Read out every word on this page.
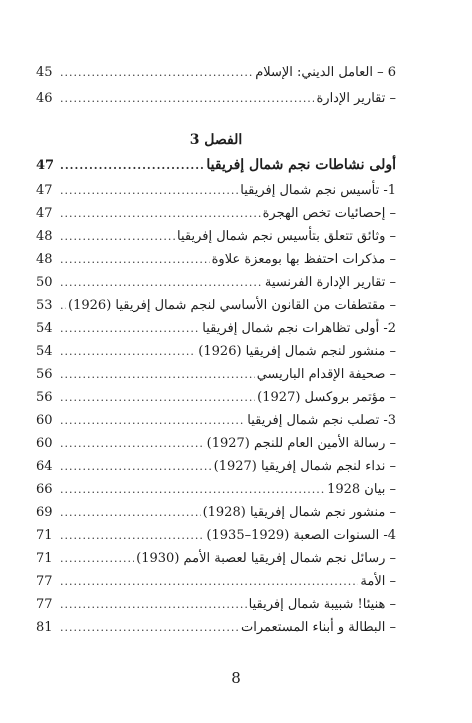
6 – العامل الديني: الإسلام
.....
45
– تقارير الإدارة
.....
46
الفصل 3
أولى نشاطات نجم شمال إفريقيا
.....
47
1- تأسيس نجم شمال إفريقيا
.....
47
– إحصائيات تخص الهجرة
.....
47
– وثائق تتعلق بتأسيس نجم شمال إفريقيا
.....
48
– مذكرات احتفظ بها بومعزة علاوة
.....
48
– تقارير الإدارة الفرنسية
.....
50
– مقتطفات من القانون الأساسي لنجم شمال إفريقيا (1926)
.....
53
2- أولى تظاهرات نجم شمال إفريقيا
.....
54
– منشور لنجم شمال إفريقيا (1926)
.....
54
– صحيفة الإقدام الباريسي
.....
56
– مؤتمر بروكسل (1927)
.....
56
3- تصلب نجم شمال إفريقيا
.....
60
– رسالة الأمين العام للنجم (1927)
.....
60
– نداء لنجم شمال إفريقيا (1927)
.....
64
– بيان 1928
.....
66
– منشور نجم شمال إفريقيا (1928)
.....
69
4- السنوات الصعبة (1929–1935)
.....
71
– رسائل نجم شمال إفريقيا لعصبة الأمم (1930)
.....
71
– الأمة
.....
77
– هنيئا! شبيبة شمال إفريقيا
.....
77
– البطالة و أبناء المستعمرات
.....
81
8
